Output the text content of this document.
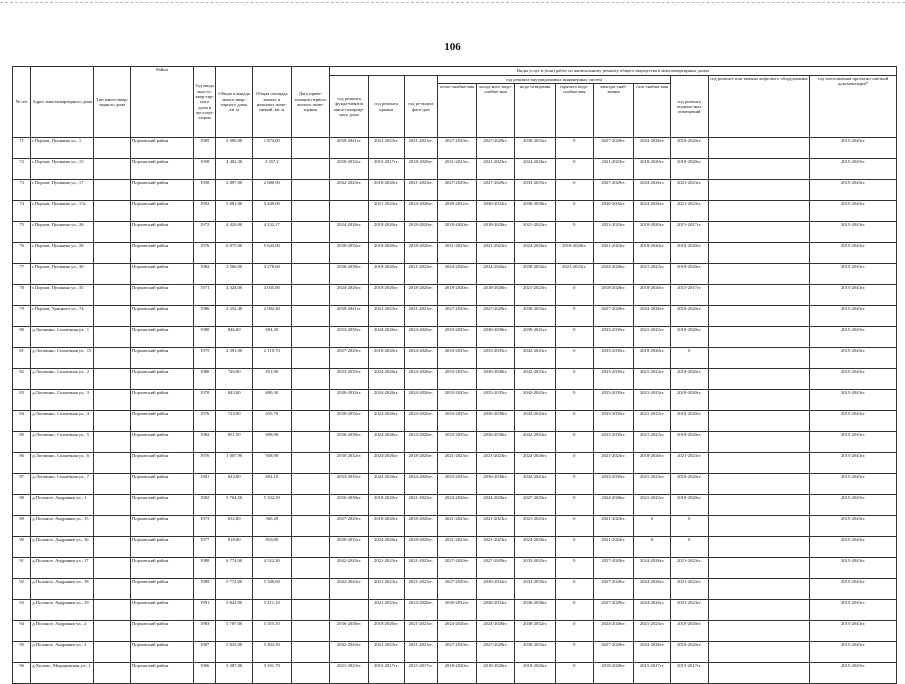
106
№ п/п	Адрес многоквартирного дома	Тип много-квар-тирного дома	Район	Год ввода мно-го-квар-тир-ного дома в экс-плуа-тацию	Общая площадь много-квар-тирного дома, кв. м	Общая площадь жилых и нежилых поме-щений, кв. м	Дата приве-тизации первого жилого поме-щения	Виды услуг и (или) работ по капитальному ремонту общего имущества в многоквартирных домах											
								год ремонта фунда-ментов много-квартир-ного дома	год ремонта крыши	год ре-монта фаса-дов	год ремонта внутридомовых инженерных систем						год ремонта подваль-ных помещений	год ремонте или замены лифтового оборудования	год изготовления проектно-сметной документации*
											тепло-снабже-ния	холод-ного водо-снабже-ния	водо-отведения	горячего водо-снабже-ния	электро-снаб-жения	газо-снабже-ния			
71	г.Порхов, Пушкина ул., 1		Порховский район	1985	2 090,00	1 874,00		2039-2041гг.	2021-2023гг.	2021-2023гг.	2027-2029гг.	2027-2029гг.	2030-2032гг.	0	2027-2029гг.	2024-2026гг.	2018-2020гг.		2015-2043гг.
72	г.Порхов, Пушкина ул., 15		Порховский район	1958	4 402,30	3 357,2		2030-2032гг.	2015-2017гг.	2018-2020гг.	2021-2023гг.	2021-2023гг.	2024-2026гг.	0	2021-2023гг.	2018-2020гг.	2018-2020гг.		2015-2043гг.
73	г.Порхов, Пушкина ул., 17		Порховский район	1958	2 897,00	2 680,90		2042-2043гг.	2018-2020гг.	2021-2023гг.	2027-2029гг.	2027-2029гг.	2033-2035гг.	0	2027-2029гг.	2024-2026гг.	2021-2023гг.		2015-2043гг.
74	г.Порхов, Пушкина ул., 17а		Порховский район	1992	5 881,00	5 449,00			2021-2023гг.	2024-2026гг.	2030-2032гг.	2030-2032гг.	2036-2038гг.	0	2030-2032гг.	2024-2026гг.	2021-2023гг.		2015-2043гг.
75	г.Порхов, Пушкина ул., 26		Порховский район	1972	4 420,00	4 132,17		2024-2026гг.	2018-2020гг.	2018-2020гг.	2018-2020гг.	2018-2020гг.	2021-2023гг.	0	2021-2023гг.	2018-2020гг.	2015-2017гг.		2015-2043гг.
76	г.Порхов, Пушкина ул., 28		Порховский район	1976	6 075,00	5 643,00		2030-2032гг.	2018-2020гг.	2018-2020гг.	2021-2023гг.	2021-2023гг.	2024-2026гг.	2018-2020гг.	2021-2023гг.	2018-2020гг.	2018-2020гг.		2015-2043гг.
77	г.Порхов, Пушкина ул., 30		Порховский район	1984	3 566,00	3 278,60		2036-2038гг.	2018-2020гг.	2021-2023гг.	2024-2026гг.	2024-2026гг.	2030-2032гг.	2021-2023гг.	2024-2026гг.	2021-2023гг.	2018-2020гг.		2015-2043гг.
78	г.Порхов, Пушкина ул., 35		Порховский район	1971	4 324,00	4 035,80		2024-2026гг.	2018-2020гг.	2018-2020гг.	2018-2020гг.	2018-2020гг.	2021-2023гг.	0	2018-2020гг.	2018-2020гг.	2015-2017гг.		2015-2043гг.
79	г.Порхов, Урицкого ул., 74		Порховский район	1986	2 252,40	2 082,40		2039-2041гг.	2021-2023гг.	2021-2023гг.	2027-2029гг.	2027-2029гг.	2030-2032гг.	0	2027-2029гг.	2024-2026гг.	2018-2020гг.		2015-2043гг.
80	д.Логовино, Солнечная ул., 1		Порховский район	1980	846,00	694,30		2033-2035гг.	2024-2026гг.	2024-2026гг.	2033-2035гг.	2036-2038гг.	2039-2041гг.	0	2033-2035гг.	2021-2023гг.	2018-2020гг.		2015-2043гг.
81	д.Логовино, Солнечная ул., 15		Порховский район	1975	2 391,00	2 110,70		2027-2029гг.	2018-2020гг.	2024-2026гг.	2033-2035гг.	2033-2035гг.	2042-2043гг.	0	2033-2035гг.	2018-2020гг.	0		2015-2043гг.
82	д.Логовино, Солнечная ул., 2		Порховский район	1980	720,00	651,90		2033-2035гг.	2024-2026гг.	2024-2026гг.	2033-2035гг.	2036-2038гг.	2042-2043гг.	0	2033-2035гг.	2021-2023гг.	2018-2020гг.		2015-2043гг.
83	д.Логовино, Солнечная ул., 3		Порховский район	1978	843,00	690,30		2030-2032гг.	2024-2026гг.	2024-2026гг.	2033-2035гг.	2033-2035гг.	2042-2043гг.	0	2033-2035гг.	2021-2023гг.	2018-2020гг.		2015-2043гг.
84	д.Логовино, Солнечная ул., 4		Порховский район	1976	724,00	635,70		2030-2032гг.	2024-2026гг.	2024-2026гг.	2033-2035гг.	2036-2038гг.	2042-2043гг.	0	2033-2035гг.	2021-2023гг.	2018-2020гг.		2015-2043гг.
85	д.Логовино, Солнечная ул., 5		Порховский район	1984	851,50	699,90		2036-2038гг.	2024-2026гг.	2024-2026гг.	2033-2035гг.	2036-2038гг.	2042-2043гг.	0	2033-2035гг.	2021-2023гг.	2018-2020гг.		2015-2043гг.
86	д.Логовино, Солнечная ул., 6		Порховский район	1976	1 007,90	938,90		2030-2032гг.	2024-2026гг.	2018-2020гг.	2021-2023гг.	2021-2023гг.	2024-2026гг.	0	2021-2023гг.	2018-2020гг.	2021-2023гг.		2015-2043гг.
87	д.Логовино, Солнечная ул., 7		Порховский район	1981	844,80	692,10		2033-2035гг.	2024-2026гг.	2024-2026гг.	2033-2035гг.	2036-2038гг.	2042-2043гг.	0	2033-2035гг.	2021-2023гг.	2018-2020гг.		2015-2043гг.
88	д.Полоное, Андрияни ул., 1		Порховский район	1982	5 764,50	5 332,50		2036-2038гг.	2018-2020гг.	2021-2023гг.	2024-2026гг.	2024-2026гг.	2027-2029гг.	0	2024-2026гг.	2021-2023гг.	2018-2020гг.		2015-2043гг.
89	д.Полоное, Андрияни ул., 15		Порховский район	1973	632,00	560,20		2027-2029гг.	2018-2020гг.	2018-2020гг.	2021-2023гг.	2021-2023гг.	2021-2023гг.	0	2021-2023гг.	0	0		2015-2043гг.
90	д.Полоное, Андрияни ул., 16		Порховский район	1977	918,00	810,00		2030-2032гг.	2024-2026гг.	2018-2020гг.	2021-2023гг.	2021-2023гг.	2024-2026гг.	0	2021-2023гг.	0	0		2015-2043гг.
91	д.Полоное, Андрияни ул., 17		Порховский район	1988	6 774,00	4 522,30		2042-2043гг.	2021-2023гг.	2021-2023гг.	2027-2029гг.	2027-2029гг.	2033-2035гг.	0	2027-2029гг.	2024-2026гг.	2021-2023гг.		2015-2043гг.
92	д.Полоное, Андрияни ул., 18		Порховский район	1989	5 772,00	5 340,60		2042-2043гг.	2021-2023гг.	2021-2023гг.	2027-2029гг.	2030-2032гг.	2033-2035гг.	0	2027-2029гг.	2024-2026гг.	2021-2023гг.		2015-2043гг.
93	д.Полоное, Андрияни ул., 19		Порховский район	1991	5 843,90	5 411,10			2021-2023гг.	2024-2026гг.	2030-2032гг.	2030-2032гг.	2036-2038гг.	0	2027-2029гг.	2024-2026гг.	2021-2023гг.		2015-2043гг.
94	д.Полоное, Андрияни ул., 2		Порховский район	1983	5 787,00	5 355,10		2036-2038гг.	2018-2020гг.	2021-2023гг.	2024-2026гг.	2024-2026гг.	2030-2032гг.	0	2024-2026гг.	2021-2023гг.	2018-2020гг.		2015-2043гг.
95	д.Полоное, Андрияни ул., 3		Порховский район	1987	5 835,00	5 403,50		2042-2043гг.	2021-2023гг.	2021-2023гг.	2027-2029гг.	2027-2029гг.	2030-2032гг.	0	2027-2029гг.	2024-2026гг.	2018-2020гг.		2015-2043гг.
96	д.Хилово, Медицинская ул., 1		Порховский район	1966	3 387,00	3 101,70		2021-2023гг.	2015-2017гг.	2015-2017гг.	2018-2020гг.	2018-2020гг.	2018-2020гг.	0	2018-2020гг.	2015-2017гг.	2015-2017гг.		2015-2043гг.
